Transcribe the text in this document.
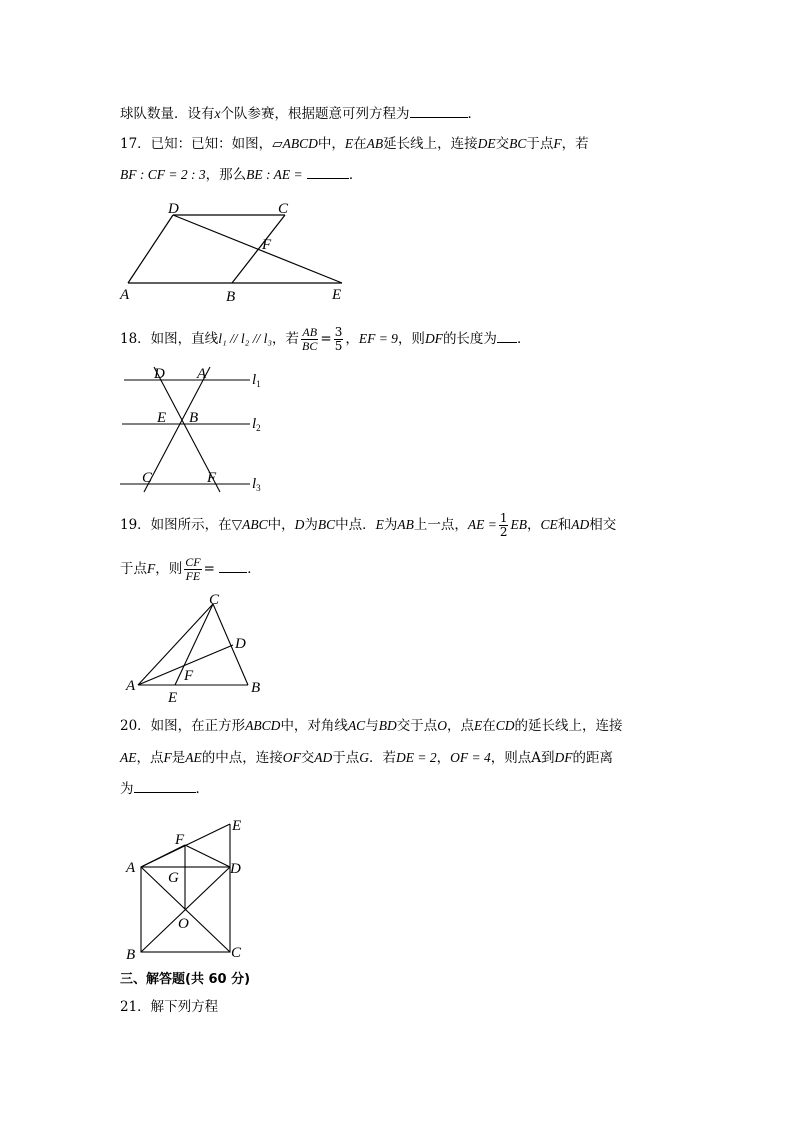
球队数量．设有x个队参赛，根据题意可列方程为	．
17．已知：已知：如图，▱ABCD中，E在AB延长线上，连接DE交BC于点F，若
BF : CF = 2 : 3，那么BE : AE =	．
D	C
F
A	B	E
18．如图，直线l₁ // l₂ // l₃，若 $\frac{AB}{BC} = \frac{3}{5}$ ，EF = 9，则DF的长度为 ．
D A
E B
C	F
$l_1$
$l_2$
$l_3$
19．如图所示，在▽ABC中，D为BC中点．E为AB上一点，AE = $\frac{1}{2}$ EB，CE和AD相交
于点F，则 $\frac{CF}{FE}$ = ．
C
D
F
A
E
B
20．如图，在正方形ABCD中，对角线AC与BD交于点O，点E在CD的延长线上，连接
AE，点F是AE的中点，连接OF交AD于点G．若DE = 2，OF = 4，则点A到DF的距离
为	．
E
F
A
G
D
O
B	C
三、解答题(共 60 分)
21．解下列方程
